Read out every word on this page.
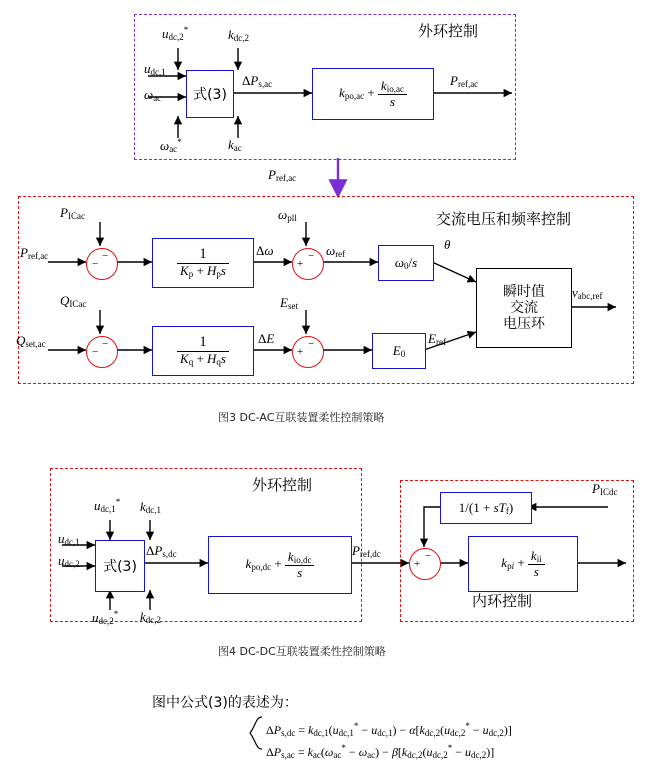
外环控制
式(3)	$k_{po,ac} + \frac{k_{io,ac}}{s}$
$u_{dc,2}^*$	$k_{dc,2}$
$u_{dc,1}$
$\omega_{ac}$
$\omega_{ac}^*$	$k_{ac}$
$\Delta P_{s,ac}$	$P_{ref,ac}$
$P_{ref,ac}$
交流电压和频率控制
−
−
+
−
−
−
+
−
$\frac{1}{K_p + H_ps}$
$\frac{1}{K_q + H_qs}$
$\omega_0/s$
$E_0$
瞬时值
交流
电压环
$P_{ICac}$
$P_{ref,ac}$
$Q_{ICac}$
$Q_{set,ac}$
Δω
ΔE
$\omega_{pll}$
$\omega_{ref}$
$E_{set}$
$E_{ref}$
θ
$v_{abc,ref}$
图3 DC-AC互联装置柔性控制策略
外环控制
内环控制
式(3)	$k_{po,dc} + \frac{k_{io,dc}}{s}$
$1/(1 + sT_f)$
$k_{pi} + \frac{k_{ii}}{s}$
+
−
$u_{dc,1}^*$ $k_{dc,1}$
$u_{dc,1}$
$u_{dc,2}$
$u_{dc,2}^*$ $k_{dc,2}$
$\Delta P_{s,dc}$	$P_{ref,dc}$
$P_{ICdc}$
图4 DC-DC互联装置柔性控制策略
图中公式(3)的表述为：
$\Delta P_{s,dc} = k_{dc,1}(u_{dc,1}^* - u_{dc,1}) - \alpha[k_{dc,2}(u_{dc,2}^* - u_{dc,2})]$
$\Delta P_{s,ac} = k_{ac}(\omega_{ac}^* - \omega_{ac}) - \beta[k_{dc,2}(u_{dc,2}^* - u_{dc,2})]$
